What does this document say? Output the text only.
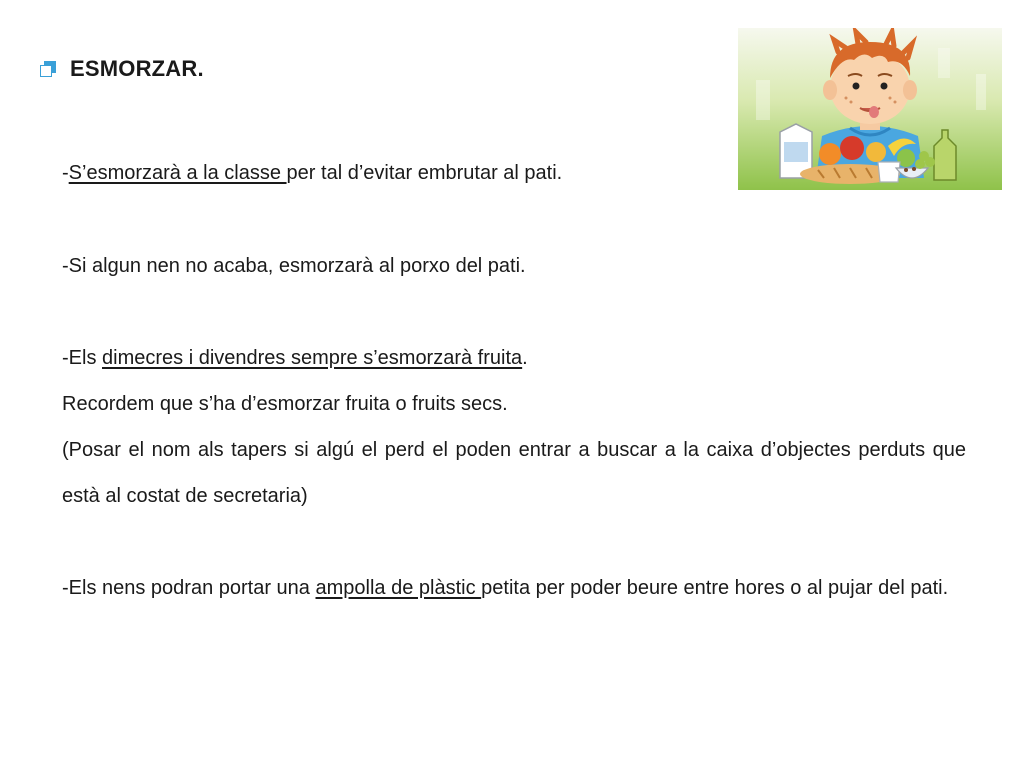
ESMORZAR.

-S’esmorzarà a la classe per tal d’evitar embrutar al pati.

-Si algun nen no acaba, esmorzarà al porxo del pati.

-Els dimecres i divendres sempre s’esmorzarà fruita.

Recordem que s’ha d’esmorzar fruita o fruits secs.

(Posar el nom als tapers si algú el perd el poden entrar a buscar a la caixa d’objectes perduts que està al costat de secretaria)

-Els nens podran portar una ampolla de plàstic petita per poder beure entre hores o al pujar del pati.
